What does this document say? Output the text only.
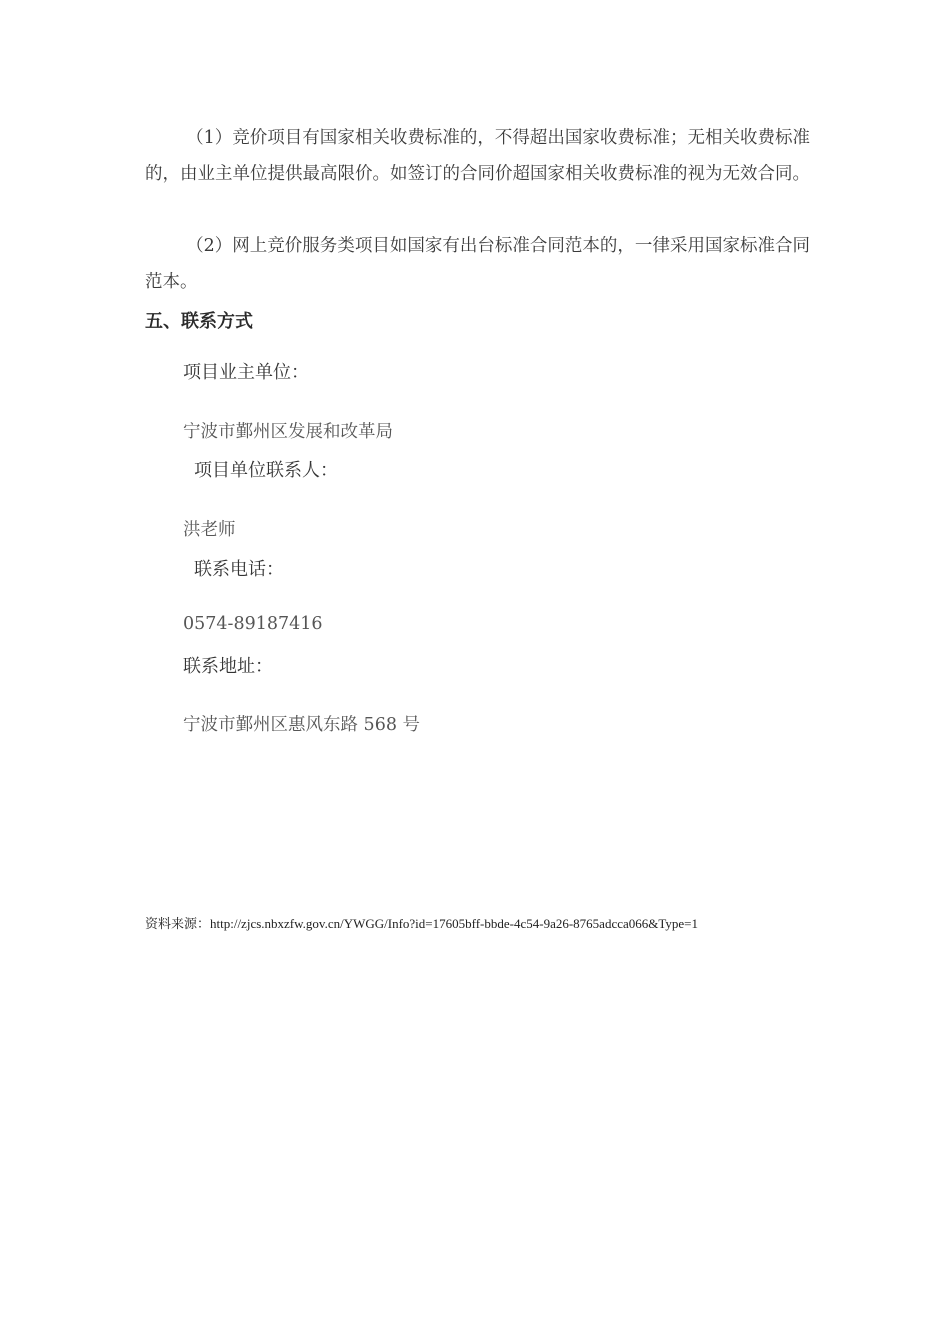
（1）竞价项目有国家相关收费标准的，不得超出国家收费标准；无相关收费标准的，由业主单位提供最高限价。如签订的合同价超国家相关收费标准的视为无效合同。

（2）网上竞价服务类项目如国家有出台标准合同范本的，一律采用国家标准合同范本。

五、联系方式

项目业主单位：

宁波市鄞州区发展和改革局

项目单位联系人：

洪老师

联系电话：

0574-89187416

联系地址：

宁波市鄞州区惠风东路 568 号

资料来源：http://zjcs.nbxzfw.gov.cn/YWGG/Info?id=17605bff-bbde-4c54-9a26-8765adcca066&Type=1
